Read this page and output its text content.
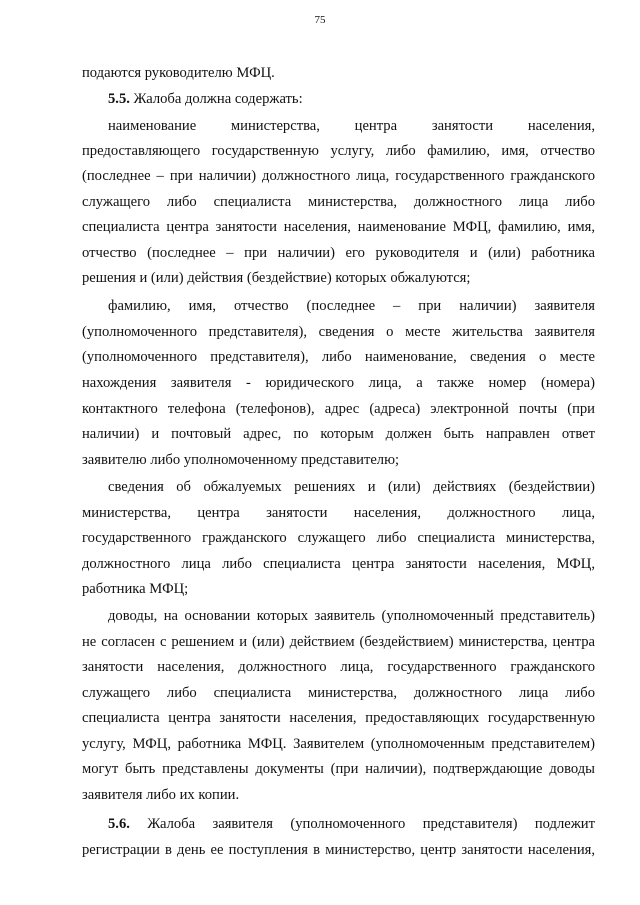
75
подаются руководителю МФЦ.
5.5. Жалоба должна содержать:
наименование министерства, центра занятости населения,
предоставляющего государственную услугу, либо фамилию, имя, отчество
(последнее – при наличии) должностного лица, государственного гражданского
служащего либо специалиста министерства, должностного лица либо
специалиста центра занятости населения, наименование МФЦ, фамилию, имя,
отчество (последнее – при наличии) его руководителя и (или) работника
решения и (или) действия (бездействие) которых обжалуются;
фамилию, имя, отчество (последнее – при наличии) заявителя
(уполномоченного представителя), сведения о месте жительства заявителя
(уполномоченного представителя), либо наименование, сведения о месте
нахождения заявителя - юридического лица, а также номер (номера)
контактного телефона (телефонов), адрес (адреса) электронной почты (при
наличии) и почтовый адрес, по которым должен быть направлен ответ
заявителю либо уполномоченному представителю;
сведения об обжалуемых решениях и (или) действиях (бездействии)
министерства, центра занятости населения, должностного лица,
государственного гражданского служащего либо специалиста министерства,
должностного лица либо специалиста центра занятости населения, МФЦ,
работника МФЦ;
доводы, на основании которых заявитель (уполномоченный представитель)
не согласен с решением и (или) действием (бездействием) министерства, центра
занятости населения, должностного лица, государственного гражданского
служащего либо специалиста министерства, должностного лица либо
специалиста центра занятости населения, предоставляющих государственную
услугу, МФЦ, работника МФЦ. Заявителем (уполномоченным представителем)
могут быть представлены документы (при наличии), подтверждающие доводы
заявителя либо их копии.
5.6. Жалоба заявителя (уполномоченного представителя) подлежит
регистрации в день ее поступления в министерство, центр занятости населения,
